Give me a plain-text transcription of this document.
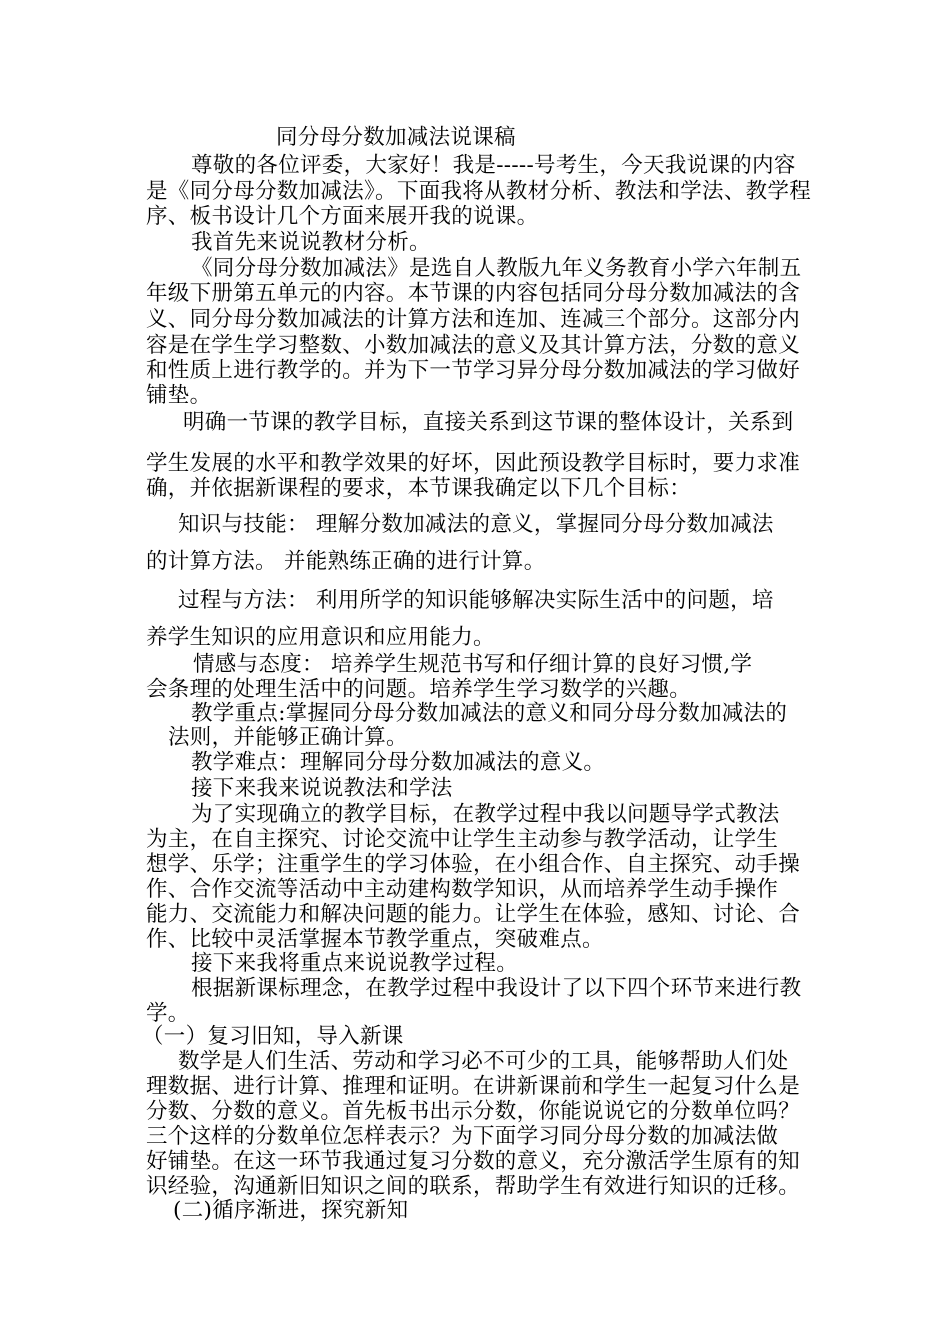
同分母分数加减法说课稿
尊敬的各位评委，大家好！我是-----号考生，今天我说课的内容
是《同分母分数加减法》。下面我将从教材分析、教法和学法、教学程
序、板书设计几个方面来展开我的说课。
我首先来说说教材分析。
《同分母分数加减法》是选自人教版九年义务教育小学六年制五
年级下册第五单元的内容。本节课的内容包括同分母分数加减法的含
义、同分母分数加减法的计算方法和连加、连减三个部分。这部分内
容是在学生学习整数、小数加减法的意义及其计算方法，分数的意义
和性质上进行教学的。并为下一节学习异分母分数加减法的学习做好
铺垫。
明确一节课的教学目标，直接关系到这节课的整体设计，关系到
学生发展的水平和教学效果的好坏，因此预设教学目标时，要力求准
确，并依据新课程的要求，本节课我确定以下几个目标：
知识与技能： 理解分数加减法的意义，掌握同分母分数加减法
的计算方法。 并能熟练正确的进行计算。
过程与方法： 利用所学的知识能够解决实际生活中的问题，培
养学生知识的应用意识和应用能力。
情感与态度： 培养学生规范书写和仔细计算的良好习惯,学
会条理的处理生活中的问题。培养学生学习数学的兴趣。
教学重点:掌握同分母分数加减法的意义和同分母分数加减法的
法则，并能够正确计算。
教学难点：理解同分母分数加减法的意义。
接下来我来说说教法和学法
为了实现确立的教学目标，在教学过程中我以问题导学式教法
为主，在自主探究、讨论交流中让学生主动参与教学活动，让学生
想学、乐学；注重学生的学习体验，在小组合作、自主探究、动手操
作、合作交流等活动中主动建构数学知识，从而培养学生动手操作
能力、交流能力和解决问题的能力。让学生在体验，感知、讨论、合
作、比较中灵活掌握本节教学重点，突破难点。
接下来我将重点来说说教学过程。
根据新课标理念，在教学过程中我设计了以下四个环节来进行教
学。
（一）复习旧知，导入新课
数学是人们生活、劳动和学习必不可少的工具，能够帮助人们处
理数据、进行计算、推理和证明。在讲新课前和学生一起复习什么是
分数、分数的意义。首先板书出示分数，你能说说它的分数单位吗？
三个这样的分数单位怎样表示？为下面学习同分母分数的加减法做
好铺垫。在这一环节我通过复习分数的意义，充分激活学生原有的知
识经验，沟通新旧知识之间的联系，帮助学生有效进行知识的迁移。
(二)循序渐进，探究新知
